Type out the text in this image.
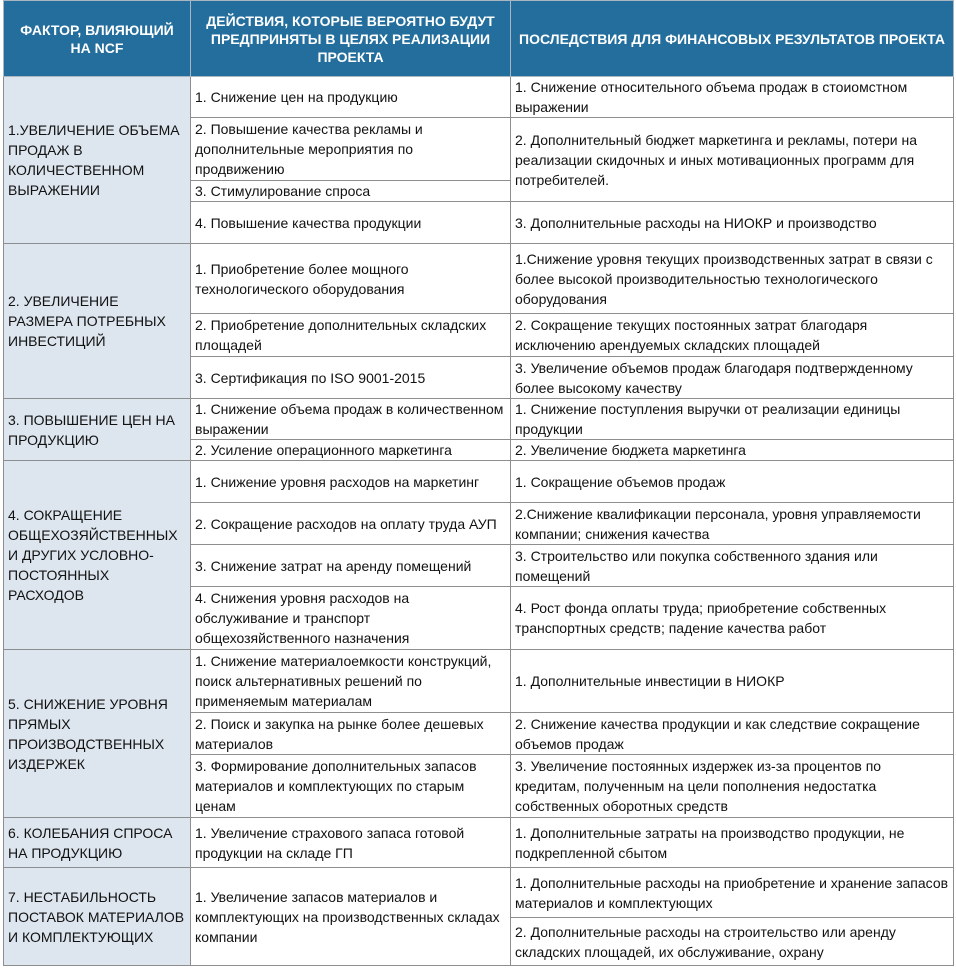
ФАКТОР, ВЛИЯЮЩИЙ НА NCF	ДЕЙСТВИЯ, КОТОРЫЕ ВЕРОЯТНО БУДУТ ПРЕДПРИНЯТЫ В ЦЕЛЯХ РЕАЛИЗАЦИИ ПРОЕКТА	ПОСЛЕДСТВИЯ ДЛЯ ФИНАНСОВЫХ РЕЗУЛЬТАТОВ ПРОЕКТА
1.УВЕЛИЧЕНИЕ ОБЪЕМА ПРОДАЖ В КОЛИЧЕСТВЕННОМ ВЫРАЖЕНИИ	1. Снижение цен на продукцию	1. Снижение относительного объема продаж в стоиомстном выражении
	2. Повышение качества рекламы и дополнительные мероприятия по продвижению	2. Дополнительный бюджет маркетинга и рекламы, потери на реализации скидочных и иных мотивационных программ для потребителей.
	3. Стимулирование спроса	
	4. Повышение качества продукции	3. Дополнительные расходы на НИОКР и производство
2. УВЕЛИЧЕНИЕ РАЗМЕРА ПОТРЕБНЫХ ИНВЕСТИЦИЙ	1. Приобретение более мощного технологического оборудования	1.Снижение уровня текущих производственных затрат в связи с более высокой производительностью технологического оборудования
	2. Приобретение дополнительных складских площадей	2. Сокращение текущих постоянных затрат благодаря исключению арендуемых складских площадей
	3. Сертификация по ISO 9001-2015	3. Увеличение объемов продаж благодаря подтвержденному более высокому качеству
3. ПОВЫШЕНИЕ ЦЕН НА ПРОДУКЦИЮ	1. Снижение объема продаж в количественном выражении	1. Снижение поступления выручки от реализации единицы продукции
	2. Усиление операционного маркетинга	2. Увеличение бюджета маркетинга
4. СОКРАЩЕНИЕ ОБЩЕХОЗЯЙСТВЕННЫХ И ДРУГИХ УСЛОВНО-ПОСТОЯННЫХ РАСХОДОВ	1. Снижение уровня расходов на маркетинг	1. Сокращение объемов продаж
	2. Сокращение расходов на оплату труда АУП	2.Снижение квалификации персонала, уровня управляемости компании; снижения качества
	3. Снижение затрат на аренду помещений	3. Строительство или покупка собственного здания или помещений
	4. Снижения уровня расходов на обслуживание и транспорт общехозяйственного назначения	4. Рост фонда оплаты труда; приобретение собственных транспортных средств; падение качества работ
5. СНИЖЕНИЕ УРОВНЯ ПРЯМЫХ ПРОИЗВОДСТВЕННЫХ ИЗДЕРЖЕК	1. Снижение материалоемкости конструкций, поиск альтернативных решений по применяемым материалам	1. Дополнительные инвестиции в НИОКР
	2. Поиск и закупка на рынке более дешевых материалов	2. Снижение качества продукции и как следствие сокращение объемов продаж
	3. Формирование дополнительных запасов материалов и комплектующих по старым ценам	3. Увеличение постоянных издержек из-за процентов по кредитам, полученным на цели пополнения недостатка собственных оборотных средств
6. КОЛЕБАНИЯ СПРОСА НА ПРОДУКЦИЮ	1. Увеличение страхового запаса готовой продукции на складе ГП	1. Дополнительные затраты на производство продукции, не подкрепленной сбытом
7. НЕСТАБИЛЬНОСТЬ ПОСТАВОК МАТЕРИАЛОВ И КОМПЛЕКТУЮЩИХ	1. Увеличение запасов материалов и комплектующих на производственных складах компании	1. Дополнительные расходы на приобретение и хранение запасов материалов и комплектующих
		2. Дополнительные расходы на строительство или аренду складских площадей, их обслуживание, охрану
